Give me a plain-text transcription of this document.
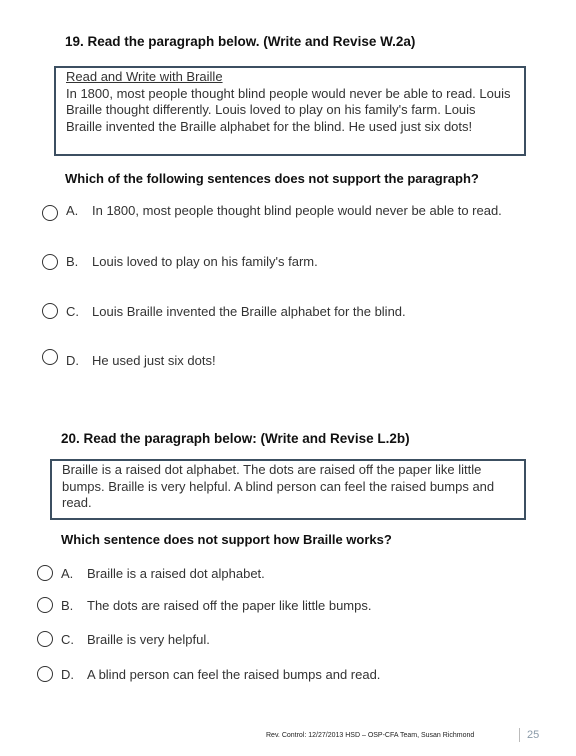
19. Read the paragraph below. (Write and Revise W.2a)
Read and Write with Braille
In 1800, most people thought blind people would never be able to read. Louis Braille thought differently. Louis loved to play on his family's farm. Louis Braille invented the Braille alphabet for the blind. He used just six dots!
Which of the following sentences does not support the paragraph?
A. In 1800, most people thought blind people would never be able to read.
B. Louis loved to play on his family's farm.
C. Louis Braille invented the Braille alphabet for the blind.
D. He used just six dots!
20. Read the paragraph below: (Write and Revise L.2b)
Braille is a raised dot alphabet. The dots are raised off the paper like little bumps. Braille is very helpful. A blind person can feel the raised bumps and read.
Which sentence does not support how Braille works?
A. Braille is a raised dot alphabet.
B. The dots are raised off the paper like little bumps.
C. Braille is very helpful.
D. A blind person can feel the raised bumps and read.
Rev. Control: 12/27/2013 HSD – OSP-CFA Team, Susan Richmond	25
